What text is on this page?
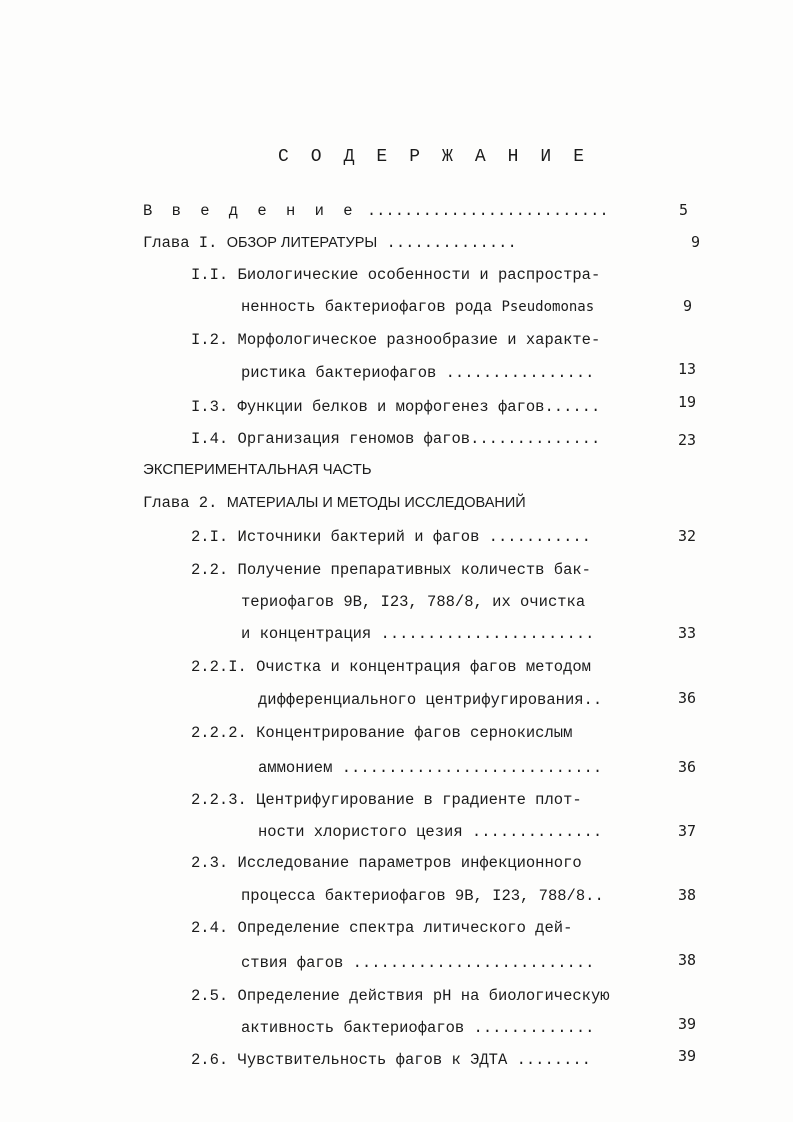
С О Д Е Р Ж А Н И Е
В в е д е н и е ..........................	5
Глава I. ОБЗОР ЛИТЕРАТУРЫ ..............	9
I.I. Биологические особенности и распростра-
ненность бактериофагов рода Pseudomonas	9
I.2. Морфологическое разнообразие и характе-
ристика бактериофагов ................	13
I.3. Функции белков и морфогенез фагов......	19
I.4. Организация геномов фагов..............	23
ЭКСПЕРИМЕНТАЛЬНАЯ ЧАСТЬ
Глава 2. МАТЕРИАЛЫ И МЕТОДЫ ИССЛЕДОВАНИЙ
2.I. Источники бактерий и фагов ...........	32
2.2. Получение препаративных количеств бак-
териофагов 9В, I23, 788/8, их очистка
и концентрация .......................	33
2.2.I. Очистка и концентрация фагов методом
дифференциального центрифугирования..	36
2.2.2. Концентрирование фагов сернокислым
аммонием ............................	36
2.2.3. Центрифугирование в градиенте плот-
ности хлористого цезия ..............	37
2.3. Исследование параметров инфекционного
процесса бактериофагов 9В, I23, 788/8..	38
2.4. Определение спектра литического дей-
ствия фагов ..........................	38
2.5. Определение действия рН на биологическую
активность бактериофагов .............	39
2.6. Чувствительность фагов к ЭДТА ........	39
